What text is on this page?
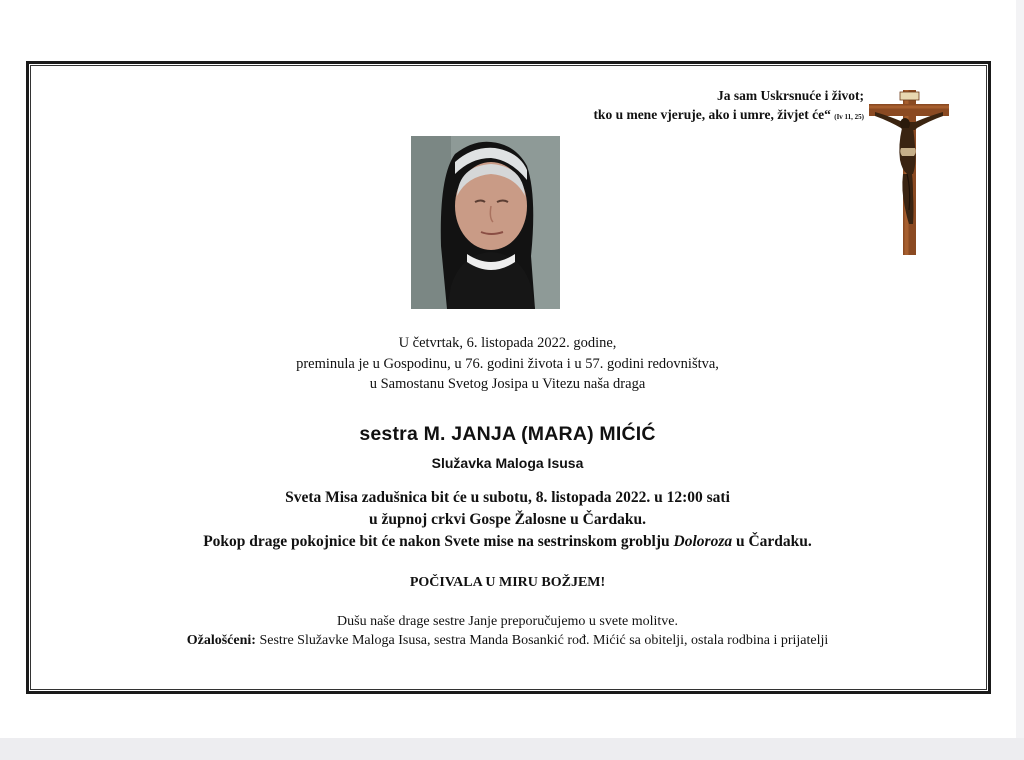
Ja sam Uskrsnuće i život;
tko u mene vjeruje, ako i umre, živjet će“ (Iv 11, 25)
U četvrtak, 6. listopada 2022. godine,
preminula je u Gospodinu, u 76. godini života i u 57. godini redovništva,
u Samostanu Svetog Josipa u Vitezu naša draga
sestra M. JANJA (MARA) MIĆIĆ
Služavka Maloga Isusa
Sveta Misa zadušnica bit će u subotu, 8. listopada 2022. u 12:00 sati
u župnoj crkvi Gospe Žalosne u Čardaku.
Pokop drage pokojnice bit će nakon Svete mise na sestrinskom groblju Doloroza u Čardaku.
POČIVALA U MIRU BOŽJEM!
Dušu naše drage sestre Janje preporučujemo u svete molitve.
Ožalošćeni: Sestre Služavke Maloga Isusa, sestra Manda Bosankić rođ. Mićić sa obitelji, ostala rodbina i prijatelji
